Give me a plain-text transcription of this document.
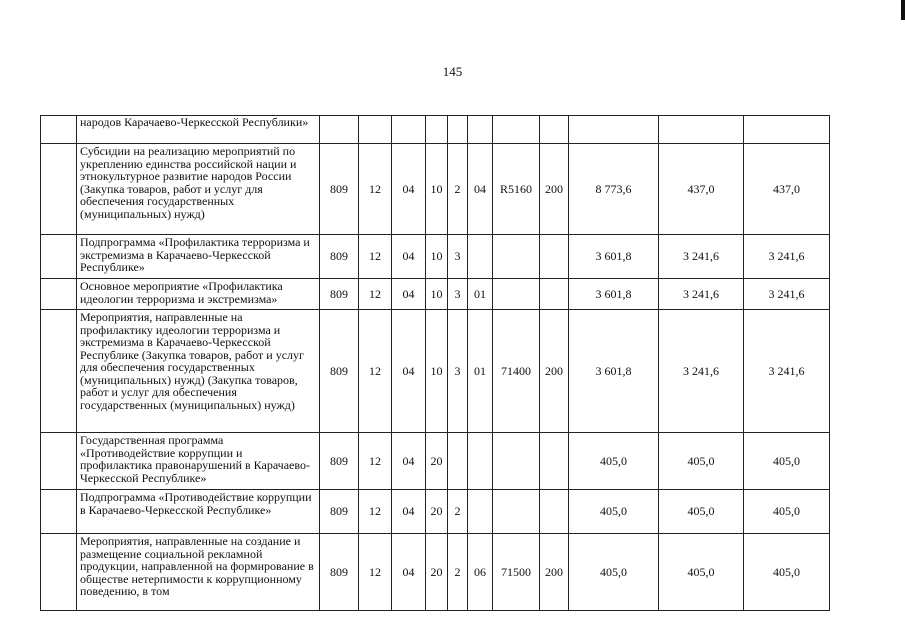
145
	народов Карачаево-Черкесской Республики»											
	Субсидии на реализацию мероприятий по укреплению единства российской нации и этнокультурное развитие народов России (Закупка товаров, работ и услуг для обеспечения государственных (муниципальных) нужд)	809	12	04	10	2	04	R5160	200	8 773,6	437,0	437,0
	Подпрограмма «Профилактика терроризма и экстремизма в Карачаево-Черкесской Республике»	809	12	04	10	3				3 601,8	3 241,6	3 241,6
	Основное мероприятие «Профилактика идеологии терроризма и экстремизма»	809	12	04	10	3	01			3 601,8	3 241,6	3 241,6
	Мероприятия, направленные на профилактику идеологии терроризма и экстремизма в Карачаево-Черкесской Республике (Закупка товаров, работ и услуг для обеспечения государственных (муниципальных) нужд) (Закупка товаров, работ и услуг для обеспечения государственных (муниципальных) нужд)	809	12	04	10	3	01	71400	200	3 601,8	3 241,6	3 241,6
	Государственная программа «Противодействие коррупции и профилактика правонарушений в Карачаево-Черкесской Республике»	809	12	04	20					405,0	405,0	405,0
	Подпрограмма «Противодействие коррупции в Карачаево-Черкесской Республике»	809	12	04	20	2				405,0	405,0	405,0
	Мероприятия, направленные на создание и размещение социальной рекламной продукции, направленной на формирование в обществе нетерпимости к коррупционному поведению, в том	809	12	04	20	2	06	71500	200	405,0	405,0	405,0
